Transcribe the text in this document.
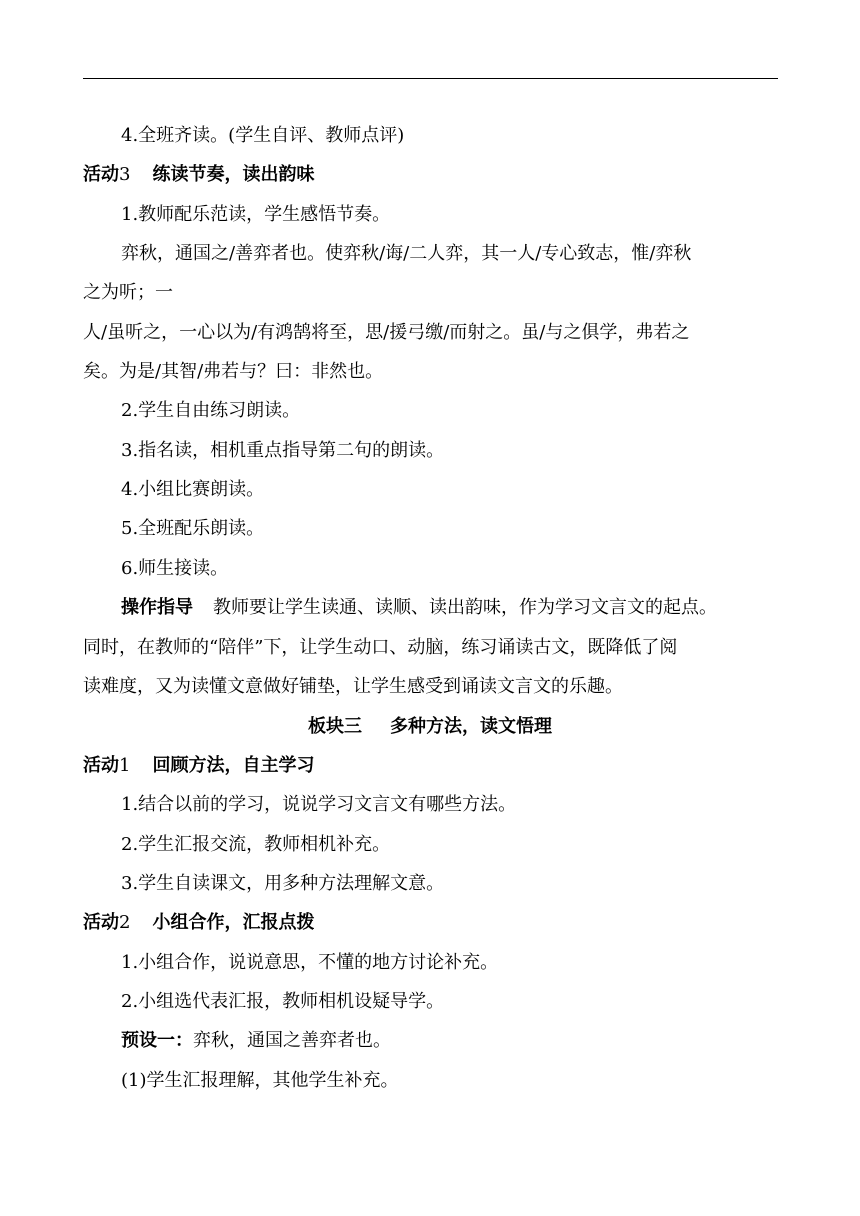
4.全班齐读。(学生自评、教师点评)
活动3 练读节奏，读出韵味
1.教师配乐范读，学生感悟节奏。
弈秋，通国之/善弈者也。使弈秋/诲/二人弈，其一人/专心致志，惟/弈秋
之为听；一
人/虽听之，一心以为/有鸿鹄将至，思/援弓缴/而射之。虽/与之俱学，弗若之
矣。为是/其智/弗若与？曰：非然也。
2.学生自由练习朗读。
3.指名读，相机重点指导第二句的朗读。
4.小组比赛朗读。
5.全班配乐朗读。
6.师生接读。
操作指导 教师要让学生读通、读顺、读出韵味，作为学习文言文的起点。
同时，在教师的“陪伴”下，让学生动口、动脑，练习诵读古文，既降低了阅
读难度，又为读懂文意做好铺垫，让学生感受到诵读文言文的乐趣。
板块三 多种方法，读文悟理
活动1 回顾方法，自主学习
1.结合以前的学习，说说学习文言文有哪些方法。
2.学生汇报交流，教师相机补充。
3.学生自读课文，用多种方法理解文意。
活动2 小组合作，汇报点拨
1.小组合作，说说意思，不懂的地方讨论补充。
2.小组选代表汇报，教师相机设疑导学。
预设一：弈秋，通国之善弈者也。
(1)学生汇报理解，其他学生补充。
